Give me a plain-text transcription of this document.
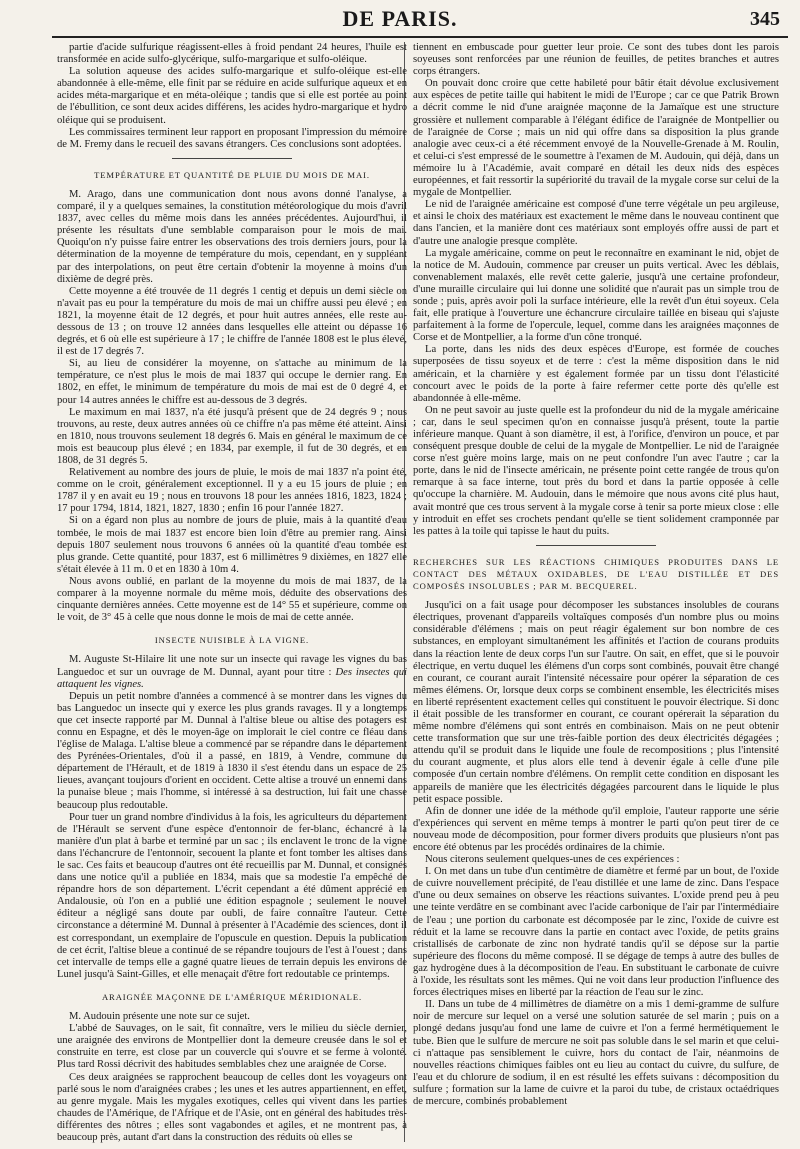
DE PARIS.	345

partie d'acide sulfurique réagissent-elles à froid pendant 24 heures, l'huile est transformée en acide sulfo-glycérique, sulfo-margarique et sulfo-oléique.

La solution aqueuse des acides sulfo-margarique et sulfo-oléique est-elle abandonnée à elle-même, elle finit par se réduire en acide sulfurique aqueux et en acides méta-margarique et en méta-oléique ; tandis que si elle est portée au point de l'ébullition, ce sont deux acides différens, les acides hydro-margarique et hydro oléique qui se produisent.

Les commissaires terminent leur rapport en proposant l'impression du mémoire de M. Fremy dans le recueil des savans étrangers. Ces conclusions sont adoptées.

TEMPÉRATURE ET QUANTITÉ DE PLUIE DU MOIS DE MAI.

M. Arago, dans une communication dont nous avons donné l'analyse, a comparé, il y a quelques semaines, la constitution météorologique du mois d'avril 1837, avec celles du même mois dans les années précédentes. Aujourd'hui, il présente les résultats d'une semblable comparaison pour le mois de mai. Quoiqu'on n'y puisse faire entrer les observations des trois derniers jours, pour la détermination de la moyenne de température du mois, cependant, en y suppléant par des interpolations, on peut être certain d'obtenir la moyenne à moins d'un dixième de degré près.

Cette moyenne a été trouvée de 11 degrés 1 centig et depuis un demi siècle on n'avait pas eu pour la température du mois de mai un chiffre aussi peu élevé ; en 1821, la moyenne était de 12 degrés, et pour huit autres années, elle reste au-dessous de 13 ; on trouve 12 années dans lesquelles elle atteint ou dépasse 16 degrés, et 6 où elle est supérieure à 17 ; le chiffre de l'année 1808 est le plus élevé, il est de 17 degrés 7.

Si, au lieu de considérer la moyenne, on s'attache au minimum de la température, ce n'est plus le mois de mai 1837 qui occupe le dernier rang. En 1802, en effet, le minimum de température du mois de mai est de 0 degré 4, et pour 14 autres années le chiffre est au-dessous de 3 degrés.

Le maximum en mai 1837, n'a été jusqu'à présent que de 24 degrés 9 ; nous trouvons, au reste, deux autres années où ce chiffre n'a pas même été atteint. Ainsi en 1810, nous trouvons seulement 18 degrés 6. Mais en général le maximum de ce mois est beaucoup plus élevé ; en 1834, par exemple, il fut de 30 degrés, et en 1808, de 31 degrés 5.

Relativement au nombre des jours de pluie, le mois de mai 1837 n'a point été, comme on le croit, généralement exceptionnel. Il y a eu 15 jours de pluie ; en 1787 il y en avait eu 19 ; nous en trouvons 18 pour les années 1816, 1823, 1824 ; 17 pour 1794, 1814, 1821, 1827, 1830 ; enfin 16 pour l'année 1827.

Si on a égard non plus au nombre de jours de pluie, mais à la quantité d'eau tombée, le mois de mai 1837 est encore bien loin d'être au premier rang. Ainsi depuis 1807 seulement nous trouvons 6 années où la quantité d'eau tombée est plus grande. Cette quantité, pour 1837, est 6 millimètres 9 dixièmes, en 1827 elle s'était élevée à 11 m. 0 et en 1830 à 10m 4.

Nous avons oublié, en parlant de la moyenne du mois de mai 1837, de la comparer à la moyenne normale du même mois, déduite des observations des cinquante dernières années. Cette moyenne est de 14° 55 et supérieure, comme on le voit, de 3° 45 à celle que nous donne le mois de mai de cette année.

INSECTE NUISIBLE À LA VIGNE.

M. Auguste St-Hilaire lit une note sur un insecte qui ravage les vignes du bas Languedoc et sur un ouvrage de M. Dunnal, ayant pour titre : Des insectes qui attaquent les vignes.

Depuis un petit nombre d'années a commencé à se montrer dans les vignes du bas Languedoc un insecte qui y exerce les plus grands ravages. Il y a longtemps que cet insecte rapporté par M. Dunnal à l'altise bleue ou altise des potagers est connu en Espagne, et dès le moyen-âge on implorait le ciel contre ce fléau dans l'église de Malaga. L'altise bleue a commencé par se répandre dans le département des Pyrénées-Orientales, d'où il a passé, en 1819, à Vendre, commune du département de l'Hérault, et de 1819 à 1830 il s'est étendu dans un espace de 25 lieues, avançant toujours d'orient en occident. Cette altise a trouvé un ennemi dans la punaise bleue ; mais l'homme, si intéressé à sa destruction, lui fait une chasse beaucoup plus redoutable.

Pour tuer un grand nombre d'individus à la fois, les agriculteurs du département de l'Hérault se servent d'une espèce d'entonnoir de fer-blanc, échancré à la manière d'un plat à barbe et terminé par un sac ; ils enclavent le tronc de la vigne dans l'échancrure de l'entonnoir, secouent la plante et font tomber les altises dans le sac. Ces faits et beaucoup d'autres ont été recueillis par M. Dunnal, et consignés dans une notice qu'il a publiée en 1834, mais que sa modestie l'a empêché de répandre hors de son département. L'écrit cependant a été dûment apprécié en Andalousie, où l'on en a publié une édition espagnole ; seulement le nouvel éditeur a négligé sans doute par oubli, de faire connaître l'auteur. Cette circonstance a déterminé M. Dunnal à présenter à l'Académie des sciences, dont il est correspondant, un exemplaire de l'opuscule en question. Depuis la publication de cet écrit, l'altise bleue a continué de se répandre toujours de l'est à l'ouest ; dans cet intervalle de temps elle a gagné quatre lieues de terrain depuis les environs de Lunel jusqu'à Saint-Gilles, et elle menaçait d'être fort redoutable ce printemps.

ARAIGNÉE MAÇONNE DE L'AMÉRIQUE MÉRIDIONALE.

M. Audouin présente une note sur ce sujet.

L'abbé de Sauvages, on le sait, fit connaître, vers le milieu du siècle dernier, une araignée des environs de Montpellier dont la demeure creusée dans le sol et construite en terre, est close par un couvercle qui s'ouvre et se ferme à volonté. Plus tard Rossi décrivit des habitudes semblables chez une araignée de Corse.

Ces deux araignées se rapprochent beaucoup de celles dont les voyageurs ont parlé sous le nom d'araignées crabes ; les unes et les autres appartiennent, en effet, au genre mygale. Mais les mygales exotiques, celles qui vivent dans les parties chaudes de l'Amérique, de l'Afrique et de l'Asie, ont en général des habitudes très-différentes des nôtres ; elles sont vagabondes et agiles, et ne montrent pas, à beaucoup près, autant d'art dans la construction des réduits où elles se

tiennent en embuscade pour guetter leur proie. Ce sont des tubes dont les parois soyeuses sont renforcées par une réunion de feuilles, de petites branches et autres corps étrangers.

On pouvait donc croire que cette habileté pour bâtir était dévolue exclusivement aux espèces de petite taille qui habitent le midi de l'Europe ; car ce que Patrik Brown a décrit comme le nid d'une araignée maçonne de la Jamaïque est une structure grossière et nullement comparable à l'élégant édifice de l'araignée de Montpellier ou de l'araignée de Corse ; mais un nid qui offre dans sa disposition la plus grande analogie avec ceux-ci a été récemment envoyé de la Nouvelle-Grenade à M. Roulin, et celui-ci s'est empressé de le soumettre à l'examen de M. Audouin, qui déjà, dans un mémoire lu à l'Académie, avait comparé en détail les deux nids des espèces européennes, et fait ressortir la supériorité du travail de la mygale corse sur celui de la mygale de Montpellier.

Le nid de l'araignée américaine est composé d'une terre végétale un peu argileuse, et ainsi le choix des matériaux est exactement le même dans le nouveau continent que dans l'ancien, et la manière dont ces matériaux sont employés offre aussi de part et d'autre une analogie presque complète.

La mygale américaine, comme on peut le reconnaître en examinant le nid, objet de la notice de M. Audouin, commence par creuser un puits vertical. Avec les déblais, convenablement malaxés, elle revêt cette galerie, jusqu'à une certaine profondeur, d'une muraille circulaire qui lui donne une solidité que n'aurait pas un simple trou de sonde ; puis, après avoir poli la surface intérieure, elle la revêt d'un étui soyeux. Cela fait, elle pratique à l'ouverture une échancrure circulaire taillée en biseau qui s'ajuste parfaitement à la forme de l'opercule, lequel, comme dans les araignées maçonnes de Corse et de Montpellier, a la forme d'un cône tronqué.

La porte, dans les nids des deux espèces d'Europe, est formée de couches superposées de tissu soyeux et de terre : c'est la même disposition dans le nid américain, et la charnière y est également formée par un tissu dont l'élasticité concourt avec le poids de la porte à faire refermer cette porte dès qu'elle est abandonnée à elle-même.

On ne peut savoir au juste quelle est la profondeur du nid de la mygale américaine ; car, dans le seul specimen qu'on en connaisse jusqu'à présent, toute la partie inférieure manque. Quant à son diamètre, il est, à l'orifice, d'environ un pouce, et par conséquent presque double de celui de la mygale de Montpellier. Le nid de l'araignée corse n'est guère moins large, mais on ne peut confondre l'un avec l'autre ; car la porte, dans le nid de l'insecte américain, ne présente point cette rangée de trous qu'on remarque à sa face interne, tout près du bord et dans la partie opposée à celle qu'occupe la charnière. M. Audouin, dans le mémoire que nous avons cité plus haut, avait montré que ces trous servent à la mygale corse à tenir sa porte mieux close : elle y introduit en effet ses crochets pendant qu'elle se tient solidement cramponnée par les pattes à la toile qui tapisse le haut du puits.

RECHERCHES SUR LES RÉACTIONS CHIMIQUES PRODUITES DANS LE CONTACT DES MÉTAUX OXIDABLES, DE L'EAU DISTILLÉE ET DES COMPOSÉS INSOLUBLES ; PAR M. BECQUEREL.

Jusqu'ici on a fait usage pour décomposer les substances insolubles de courans électriques, provenant d'appareils voltaïques composés d'un nombre plus ou moins considérable d'élémens ; mais on peut réagir également sur bon nombre de ces substances, en employant simultanément les affinités et l'action de courans produits dans la réaction lente de deux corps l'un sur l'autre. On sait, en effet, que si le pouvoir électrique, en vertu duquel les élémens d'un corps sont combinés, pouvait être changé en courant, ce courant aurait l'intensité nécessaire pour opérer la séparation de ces mêmes élémens. Or, lorsque deux corps se combinent ensemble, les électricités mises en liberté représentent exactement celles qui constituent le pouvoir électrique. Si donc il était possible de les transformer en courant, ce courant opérerait la séparation du même nombre d'élémens qui sont entrés en combinaison. Mais on ne peut obtenir cette transformation que sur une très-faible portion des deux électricités dégagées ; attendu qu'il se produit dans le liquide une foule de recompositions ; plus l'intensité du courant augmente, et plus alors elle tend à devenir égale à celle d'une pile composée d'un certain nombre d'élémens. On remplit cette condition en disposant les appareils de manière que les électricités dégagées parcourent dans le liquide le plus petit espace possible.

Afin de donner une idée de la méthode qu'il emploie, l'auteur rapporte une série d'expériences qui servent en même temps à montrer le parti qu'on peut tirer de ce nouveau mode de décomposition, pour former divers produits que plusieurs n'ont pas encore été obtenus par les procédés ordinaires de la chimie.

Nous citerons seulement quelques-unes de ces expériences :

I. On met dans un tube d'un centimètre de diamètre et fermé par un bout, de l'oxide de cuivre nouvellement précipité, de l'eau distillée et une lame de zinc. Dans l'espace d'une ou deux semaines on observe les réactions suivantes. L'oxide prend peu à peu une teinte verdâtre en se combinant avec l'acide carbonique de l'air par l'intermédiaire de l'eau ; une portion du carbonate est décomposée par le zinc, l'oxide de cuivre est réduit et la lame se recouvre dans la partie en contact avec l'oxide, de petits grains cristallisés de carbonate de zinc non hydraté tandis qu'il se dépose sur la partie supérieure des flocons du même composé. Il se dégage de temps à autre des bulles de gaz hydrogène dues à la décomposition de l'eau. En substituant le carbonate de cuivre à l'oxide, les résultats sont les mêmes. Qui ne voit dans leur production l'influence des forces électriques mises en liberté par la réaction de l'eau sur le zinc.

II. Dans un tube de 4 millimètres de diamètre on a mis 1 demi-gramme de sulfure noir de mercure sur lequel on a versé une solution saturée de sel marin ; puis on a plongé dedans jusqu'au fond une lame de cuivre et l'on a fermé hermétiquement le tube. Bien que le sulfure de mercure ne soit pas soluble dans le sel marin et que celui-ci n'attaque pas sensiblement le cuivre, hors du contact de l'air, néanmoins de nouvelles réactions chimiques faibles ont eu lieu au contact du cuivre, du sulfure, de l'eau et du chlorure de sodium, il en est résulté les effets suivans : décomposition du sulfure ; formation sur la lame de cuivre et la paroi du tube, de cristaux octaédriques de mercure, combinés probablement
